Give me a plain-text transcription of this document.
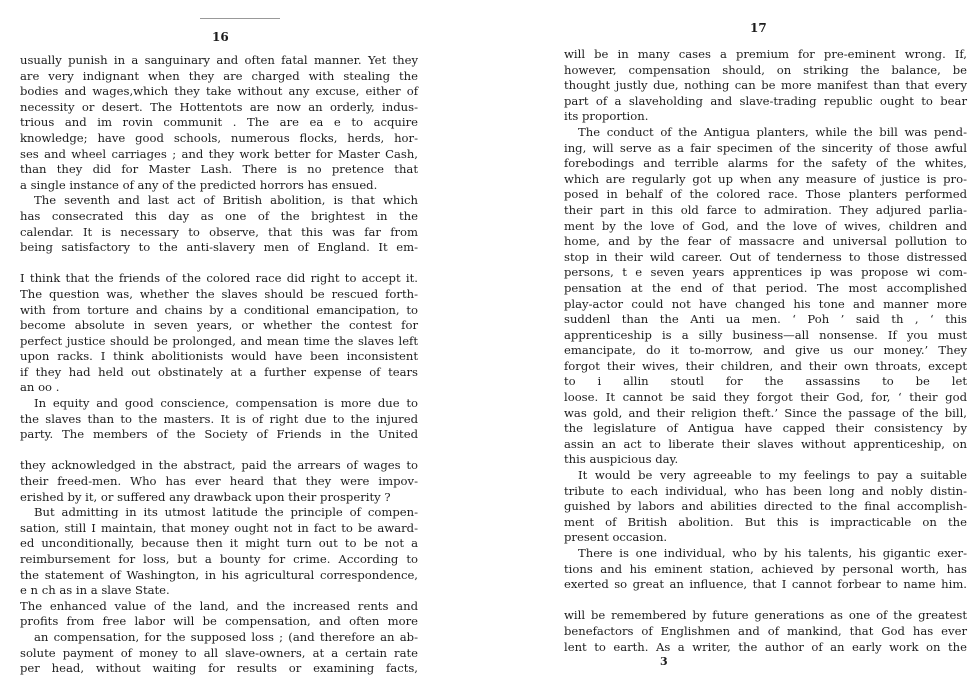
16
usually punish in a sanguinary and often fatal manner. Yet they
are very indignant when they are charged with stealing the
bodies and wages,which they take without any excuse, either of
necessity or desert. The Hottentots are now an orderly, indus-
trious and im rovin communit . The are ea e to acquire
knowledge; have good schools, numerous flocks, herds, hor-
ses and wheel carriages ; and they work better for Master Cash,
than they did for Master Lash. There is no pretence that
a single instance of any of the predicted horrors has ensued.
The seventh and last act of British abolition, is that which
has consecrated this day as one of the brightest in the
calendar. It is necessary to observe, that this was far from
being satisfactory to the anti-slavery men of England. It em-
I think that the friends of the colored race did right to accept it.
The question was, whether the slaves should be rescued forth-
with from torture and chains by a conditional emancipation, to
become absolute in seven years, or whether the contest for
perfect justice should be prolonged, and mean time the slaves left
upon racks. I think abolitionists would have been inconsistent
if they had held out obstinately at a further expense of tears
an oo .
In equity and good conscience, compensation is more due to
the slaves than to the masters. It is of right due to the injured
party. The members of the Society of Friends in the United
they acknowledged in the abstract, paid the arrears of wages to
their freed-men. Who has ever heard that they were impov-
erished by it, or suffered any drawback upon their prosperity ?
But admitting in its utmost latitude the principle of compen-
sation, still I maintain, that money ought not in fact to be award-
ed unconditionally, because then it might turn out to be not a
reimbursement for loss, but a bounty for crime. According to
the statement of Washington, in his agricultural correspondence,
e n ch as in a slave State.
The enhanced value of the land, and the increased rents and
profits from free labor will be compensation, and often more
an compensation, for the supposed loss ; (and therefore an ab-
solute payment of money to all slave-owners, at a certain rate
per head, without waiting for results or examining facts,
17
will be in many cases a premium for pre-eminent wrong. If,
however, compensation should, on striking the balance, be
thought justly due, nothing can be more manifest than that every
part of a slaveholding and slave-trading republic ought to bear
its proportion.
The conduct of the Antigua planters, while the bill was pend-
ing, will serve as a fair specimen of the sincerity of those awful
forebodings and terrible alarms for the safety of the whites,
which are regularly got up when any measure of justice is pro-
posed in behalf of the colored race. Those planters performed
their part in this old farce to admiration. They adjured parlia-
ment by the love of God, and the love of wives, children and
home, and by the fear of massacre and universal pollution to
stop in their wild career. Out of tenderness to those distressed
persons, t e seven years apprentices ip was propose wi com-
pensation at the end of that period. The most accomplished
play-actor could not have changed his tone and manner more
suddenl than the Anti ua men. ‘ Poh ’ said th , ‘ this
apprenticeship is a silly business—all nonsense. If you must
emancipate, do it to-morrow, and give us our money.’ They
forgot their wives, their children, and their own throats, except
to i allin stoutl for the assassins to be let
loose. It cannot be said they forgot their God, for, ‘ their god
was gold, and their religion theft.’ Since the passage of the bill,
the legislature of Antigua have capped their consistency by
assin an act to liberate their slaves without apprenticeship, on
this auspicious day.
It would be very agreeable to my feelings to pay a suitable
tribute to each individual, who has been long and nobly distin-
guished by labors and abilities directed to the final accomplish-
ment of British abolition. But this is impracticable on the
present occasion.
There is one individual, who by his talents, his gigantic exer-
tions and his eminent station, achieved by personal worth, has
exerted so great an influence, that I cannot forbear to name him.
will be remembered by future generations as one of the greatest
benefactors of Englishmen and of mankind, that God has ever
lent to earth. As a writer, the author of an early work on the
3
